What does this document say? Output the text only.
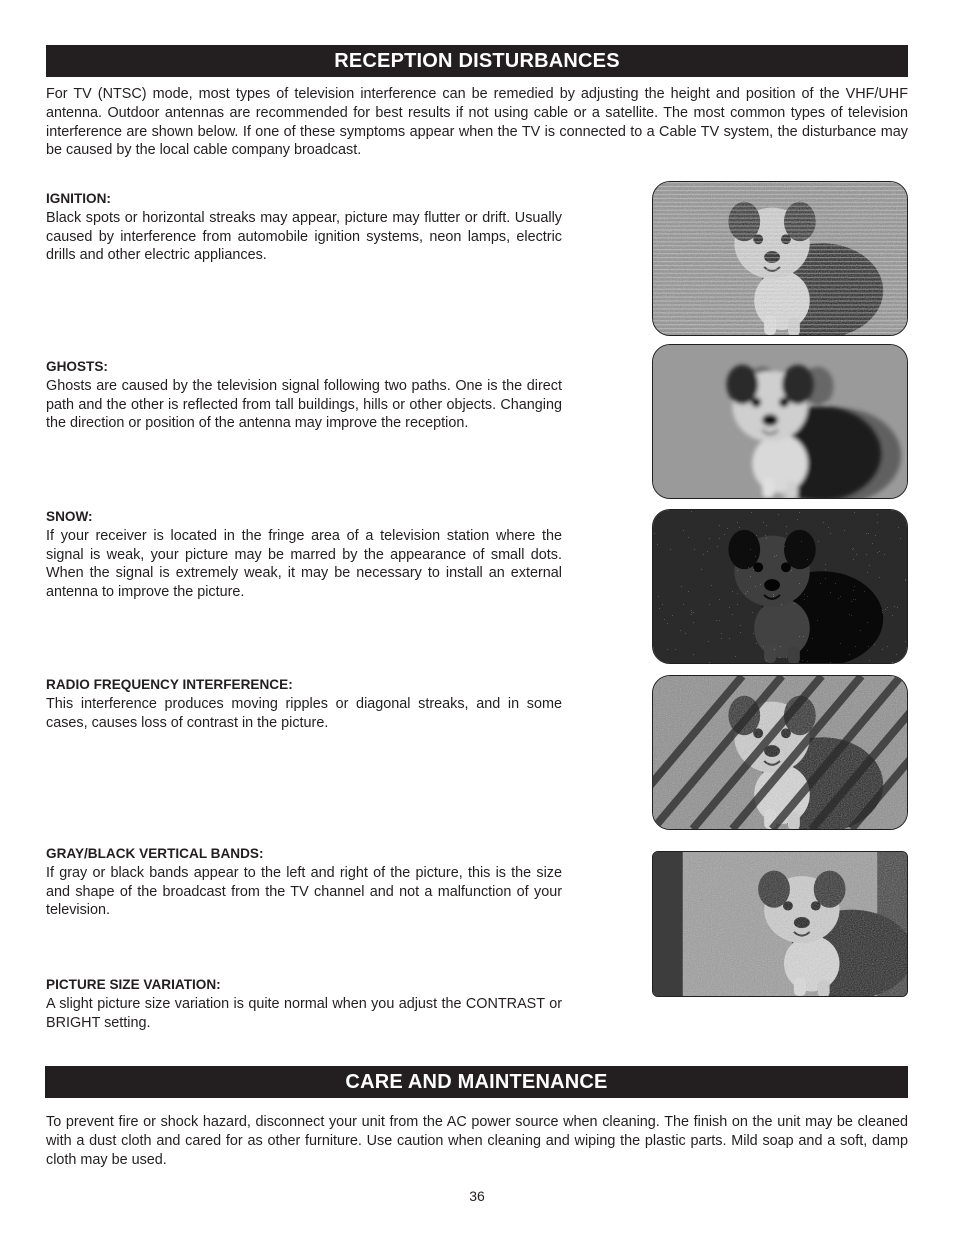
RECEPTION DISTURBANCES

For TV (NTSC) mode, most types of television interference can be remedied by adjusting the height and position of the VHF/UHF antenna. Outdoor antennas are recommended for best results if not using cable or a satellite. The most common types of television interference are shown below. If one of these symptoms appear when the TV is connected to a Cable TV system, the disturbance may be caused by the local cable company broadcast.

IGNITION:

Black spots or horizontal streaks may appear, picture may flutter or drift. Usually caused by interference from automobile ignition systems, neon lamps, electric drills and other electric appliances.

GHOSTS:

Ghosts are caused by the television signal following two paths. One is the direct path and the other is reflected from tall buildings, hills or other objects. Changing the direction or position of the antenna may improve the reception.

SNOW:

If your receiver is located in the fringe area of a television station where the signal is weak, your picture may be marred by the appearance of small dots. When the signal is extremely weak, it may be necessary to install an external antenna to improve the picture.

RADIO FREQUENCY INTERFERENCE:

This interference produces moving ripples or diagonal streaks, and in some cases, causes loss of contrast in the picture.

GRAY/BLACK VERTICAL BANDS:

If gray or black bands appear to the left and right of the picture, this is the size and shape of the broadcast from the TV channel and not a malfunction of your television.

PICTURE SIZE VARIATION:

A slight picture size variation is quite normal when you adjust the CONTRAST or BRIGHT setting.

CARE AND MAINTENANCE

To prevent fire or shock hazard, disconnect your unit from the AC power source when cleaning. The finish on the unit may be cleaned with a dust cloth and cared for as other furniture. Use caution when cleaning and wiping the plastic parts. Mild soap and a soft, damp cloth may be used.

36
